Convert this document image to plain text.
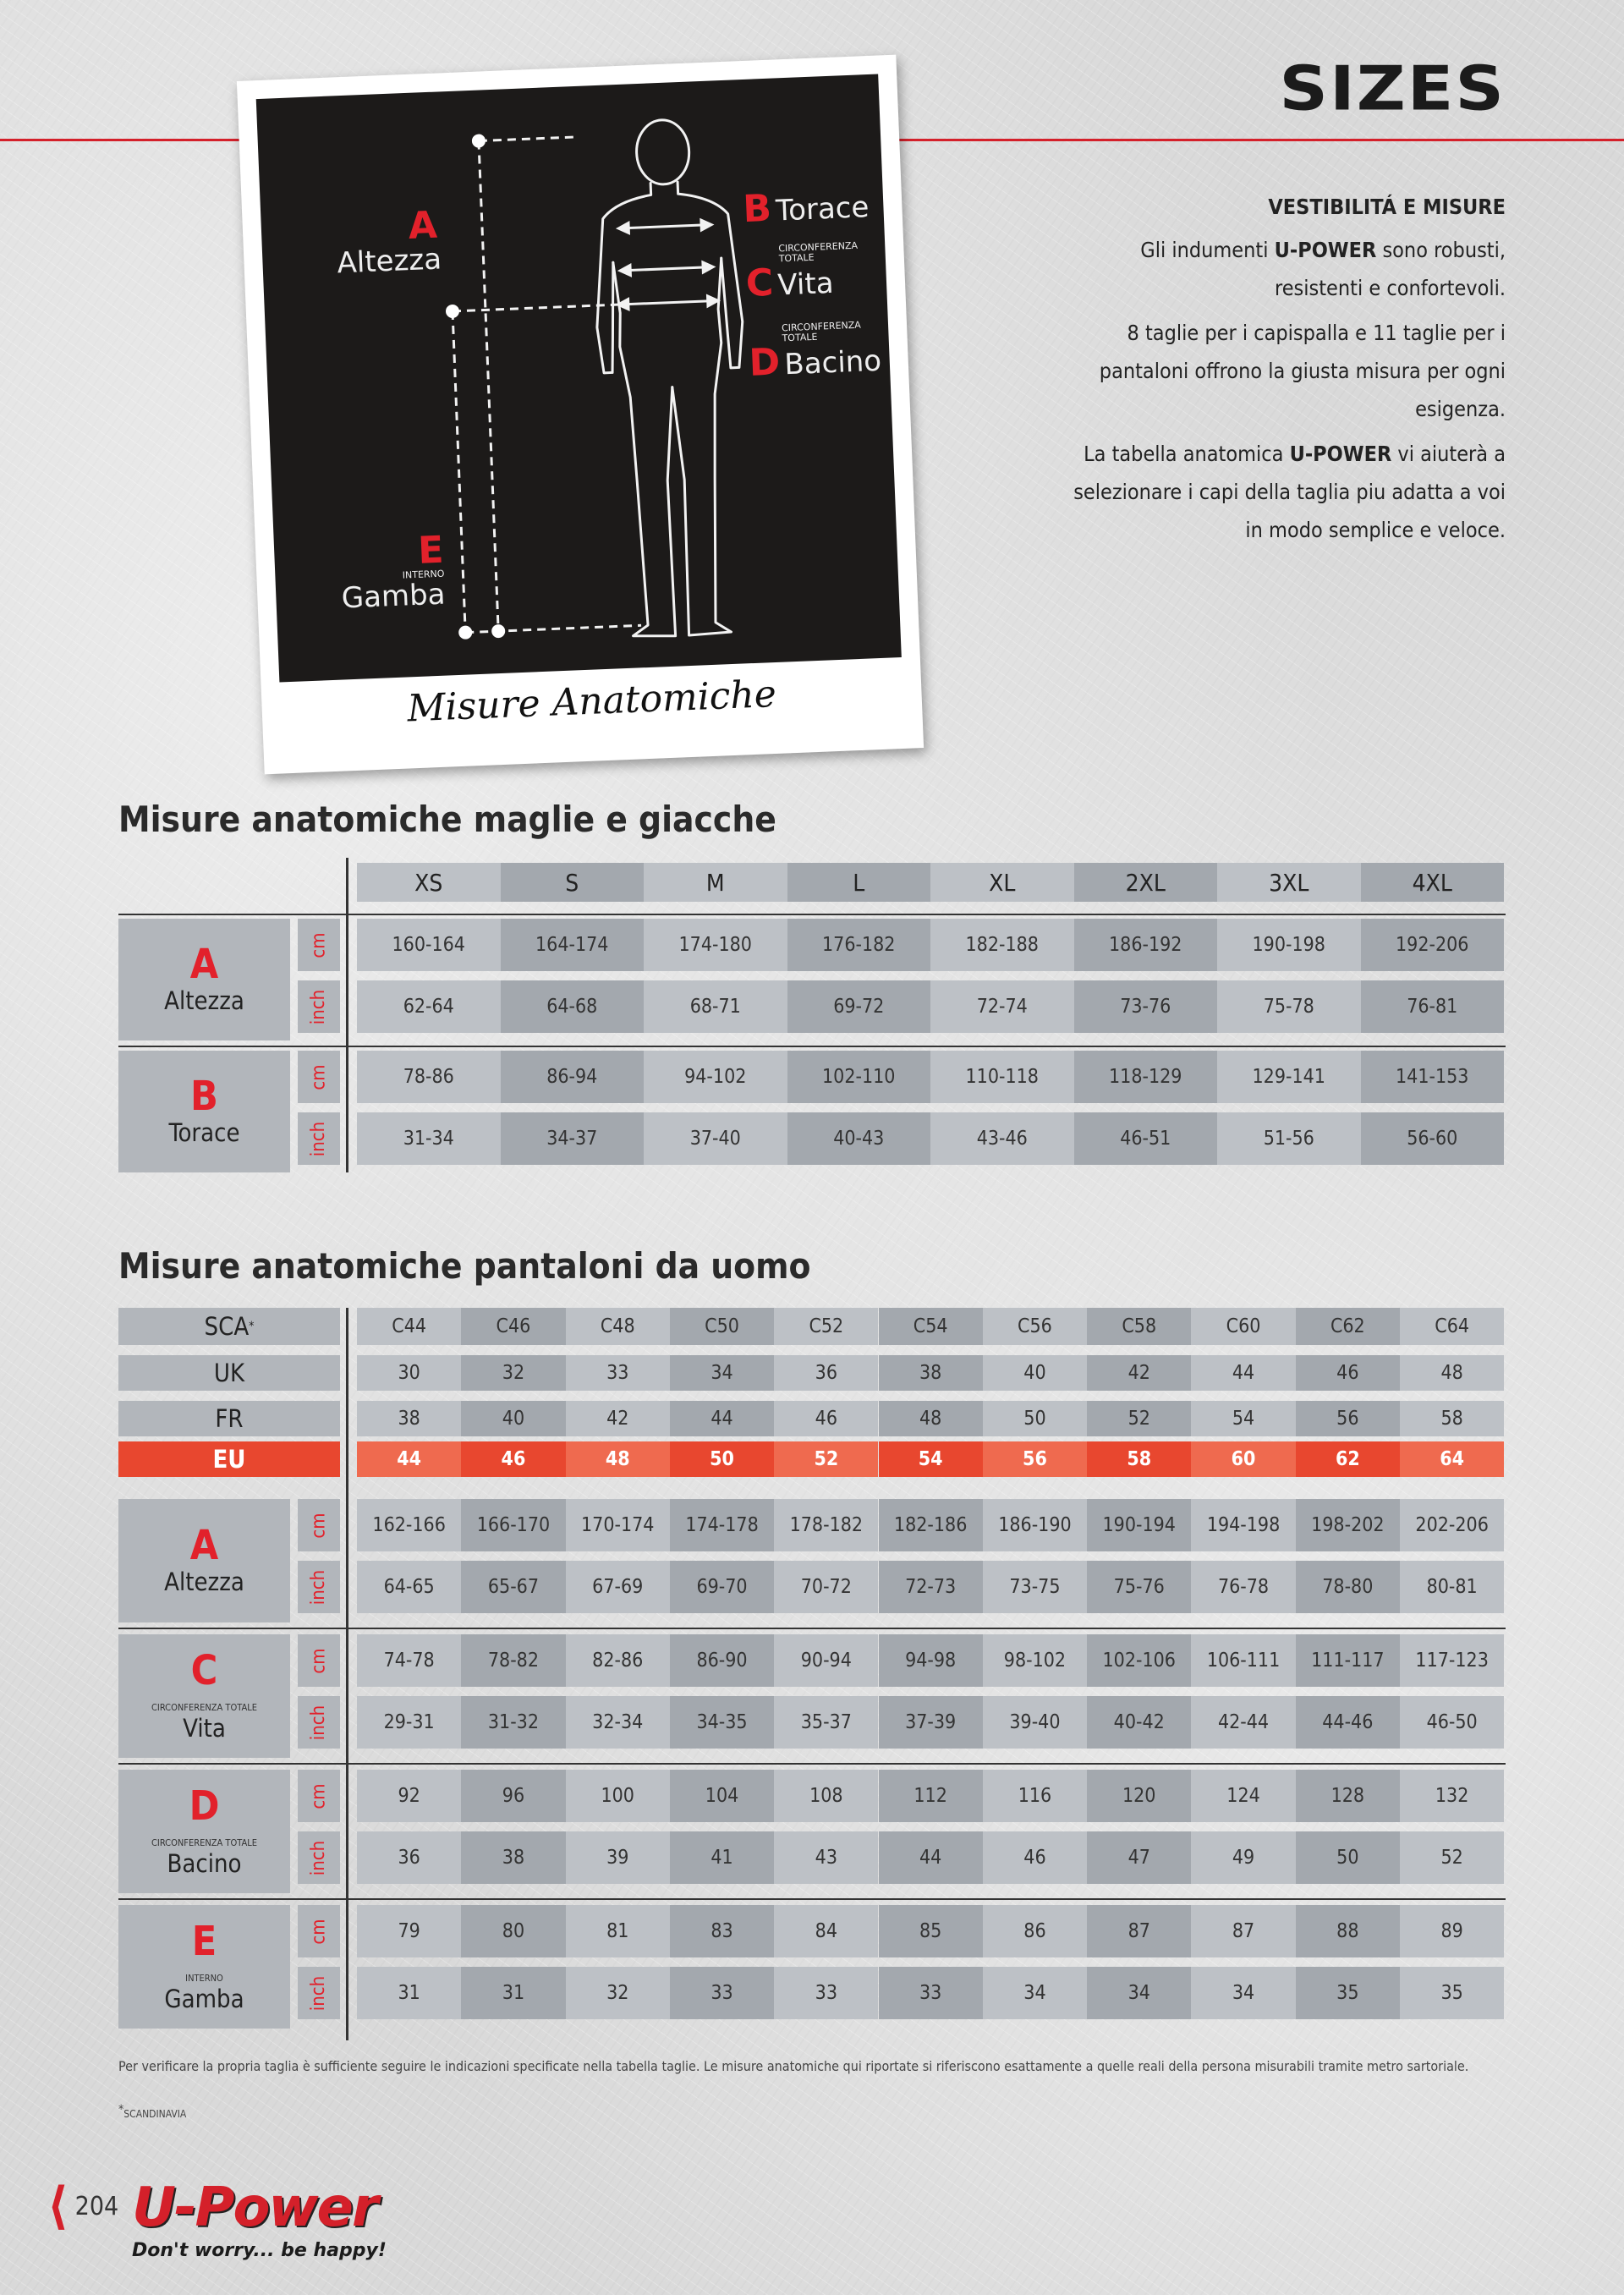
SIZES
A
Altezza
B Torace
CIRCONFERENZA TOTALE
C Vita
CIRCONFERENZA TOTALE
D Bacino
E
INTERNO
Gamba
Misure Anatomiche
VESTIBILITÁ E MISURE

Gli indumenti U-POWER sono robusti, resistenti e confortevoli.

8 taglie per i capispalla e 11 taglie per i pantaloni offrono la giusta misura per ogni esigenza.

La tabella anatomica U-POWER vi aiuterà a selezionare i capi della taglia piu adatta a voi in modo semplice e veloce.

Misure anatomiche maglie e giacche
XS	S	M	L	XL	2XL	3XL	4XL
A
Altezza
cm	160-164	164-174	174-180	176-182	182-188	186-192	190-198	192-206
inch	62-64	64-68	68-71	69-72	72-74	73-76	75-78	76-81
B
Torace
cm	78-86	86-94	94-102	102-110	110-118	118-129	129-141	141-153
inch	31-34	34-37	37-40	40-43	43-46	46-51	51-56	56-60
Misure anatomiche pantaloni da uomo
SCA *	C44	C46	C48	C50	C52	C54	C56	C58	C60	C62	C64
UK	30	32	33	34	36	38	40	42	44	46	48
FR	38	40	42	44	46	48	50	52	54	56	58
EU	44	46	48	50	52	54	56	58	60	62	64
A
Altezza
cm	162-166	166-170	170-174	174-178	178-182	182-186	186-190	190-194	194-198	198-202	202-206
inch	64-65	65-67	67-69	69-70	70-72	72-73	73-75	75-76	76-78	78-80	80-81
C
CIRCONFERENZA TOTALE
Vita
cm	74-78	78-82	82-86	86-90	90-94	94-98	98-102	102-106	106-111	111-117	117-123
inch	29-31	31-32	32-34	34-35	35-37	37-39	39-40	40-42	42-44	44-46	46-50
D
CIRCONFERENZA TOTALE
Bacino
cm	92	96	100	104	108	112	116	120	124	128	132
inch	36	38	39	41	43	44	46	47	49	50	52
E
INTERNO
Gamba
cm	79	80	81	83	84	85	86	87	87	88	89
inch	31	31	32	33	33	33	34	34	34	35	35
Per verificare la propria taglia è sufficiente seguire le indicazioni specificate nella tabella taglie. Le misure anatomiche qui riportate si riferiscono esattamente a quelle reali della persona misurabili tramite metro sartoriale.
*SCANDINAVIA
⟨ 204 U-Power
Don't worry... be happy!
